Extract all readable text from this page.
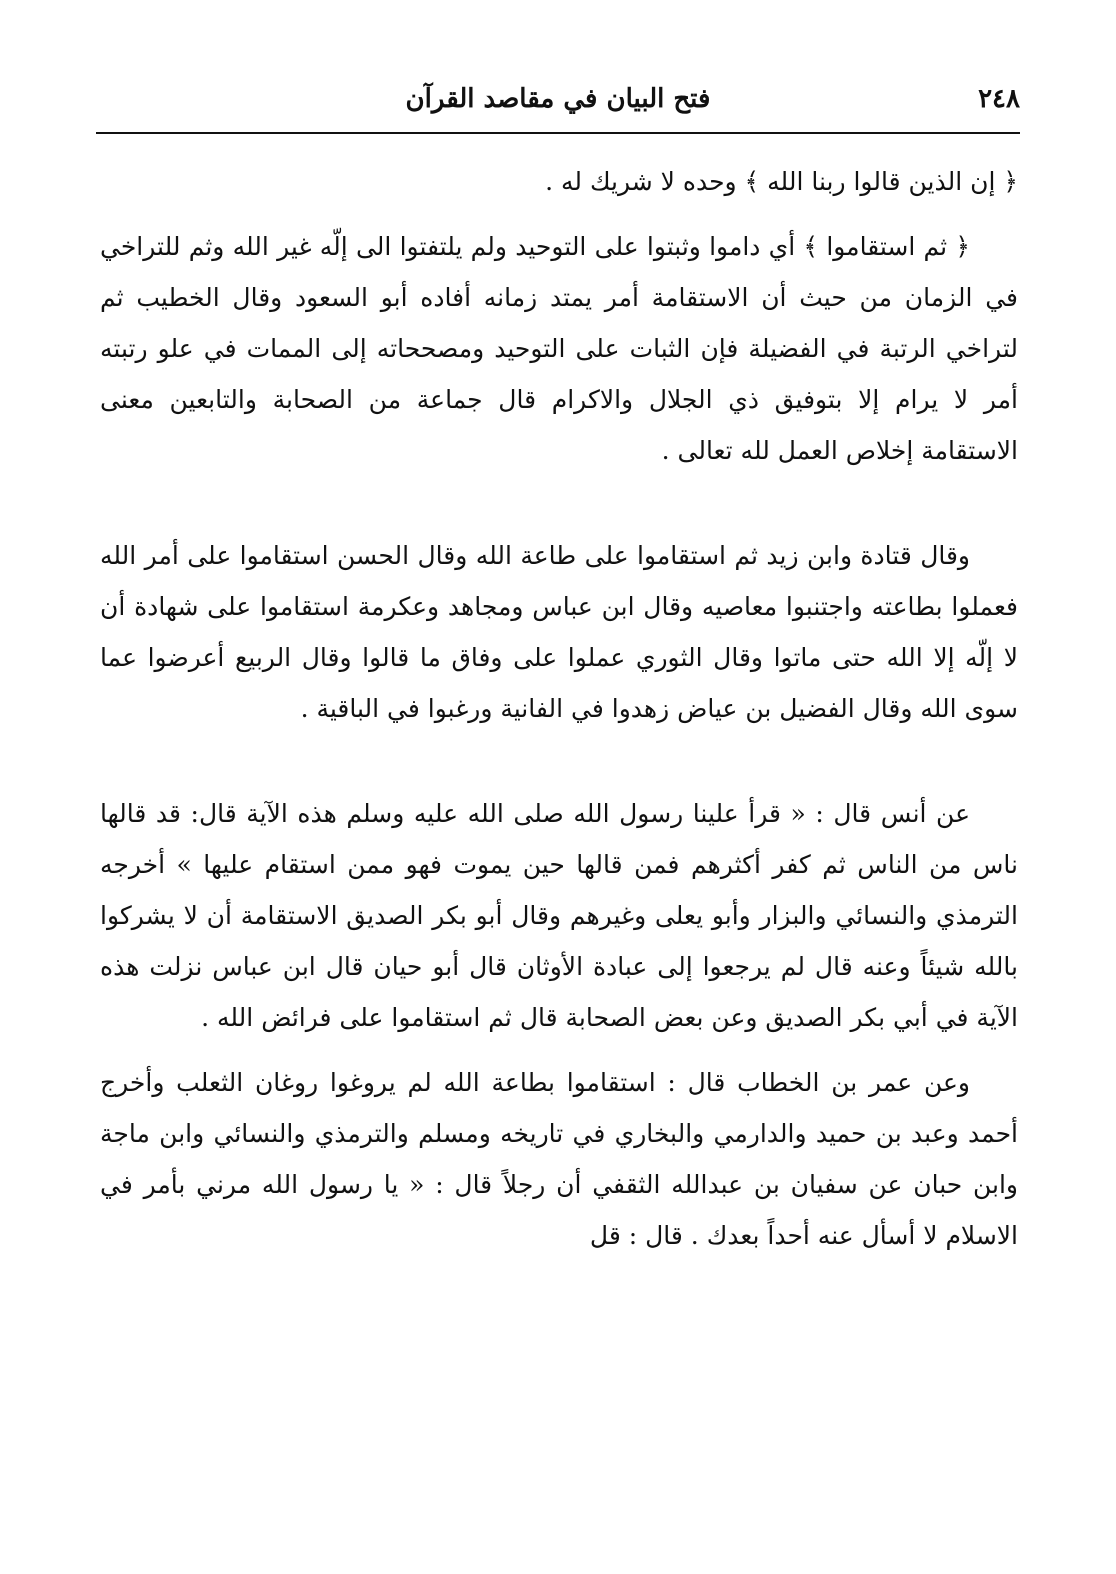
٢٤٨
فتح البيان في مقاصد القرآن

﴿ إن الذين قالوا ربنا الله ﴾ وحده لا شريك له .

﴿ ثم استقاموا ﴾ أي داموا وثبتوا على التوحيد ولم يلتفتوا الى إلّه غير الله وثم للتراخي في الزمان من حيث أن الاستقامة أمر يمتد زمانه أفاده أبو السعود وقال الخطيب ثم لتراخي الرتبة في الفضيلة فإن الثبات على التوحيد ومصححاته إلى الممات في علو رتبته أمر لا يرام إلا بتوفيق ذي الجلال والاكرام قال جماعة من الصحابة والتابعين معنى الاستقامة إخلاص العمل لله تعالى .

وقال قتادة وابن زيد ثم استقاموا على طاعة الله وقال الحسن استقاموا على أمر الله فعملوا بطاعته واجتنبوا معاصيه وقال ابن عباس ومجاهد وعكرمة استقاموا على شهادة أن لا إلّه إلا الله حتى ماتوا وقال الثوري عملوا على وفاق ما قالوا وقال الربيع أعرضوا عما سوى الله وقال الفضيل بن عياض زهدوا في الفانية ورغبوا في الباقية .

عن أنس قال : « قرأ علينا رسول الله صلى الله عليه وسلم هذه الآية قال: قد قالها ناس من الناس ثم كفر أكثرهم فمن قالها حين يموت فهو ممن استقام عليها » أخرجه الترمذي والنسائي والبزار وأبو يعلى وغيرهم وقال أبو بكر الصديق الاستقامة أن لا يشركوا بالله شيئاً وعنه قال لم يرجعوا إلى عبادة الأوثان قال أبو حيان قال ابن عباس نزلت هذه الآية في أبي بكر الصديق وعن بعض الصحابة قال ثم استقاموا على فرائض الله .

وعن عمر بن الخطاب قال : استقاموا بطاعة الله لم يروغوا روغان الثعلب وأخرج أحمد وعبد بن حميد والدارمي والبخاري في تاريخه ومسلم والترمذي والنسائي وابن ماجة وابن حبان عن سفيان بن عبدالله الثقفي أن رجلاً قال : « يا رسول الله مرني بأمر في الاسلام لا أسأل عنه أحداً بعدك . قال : قل
